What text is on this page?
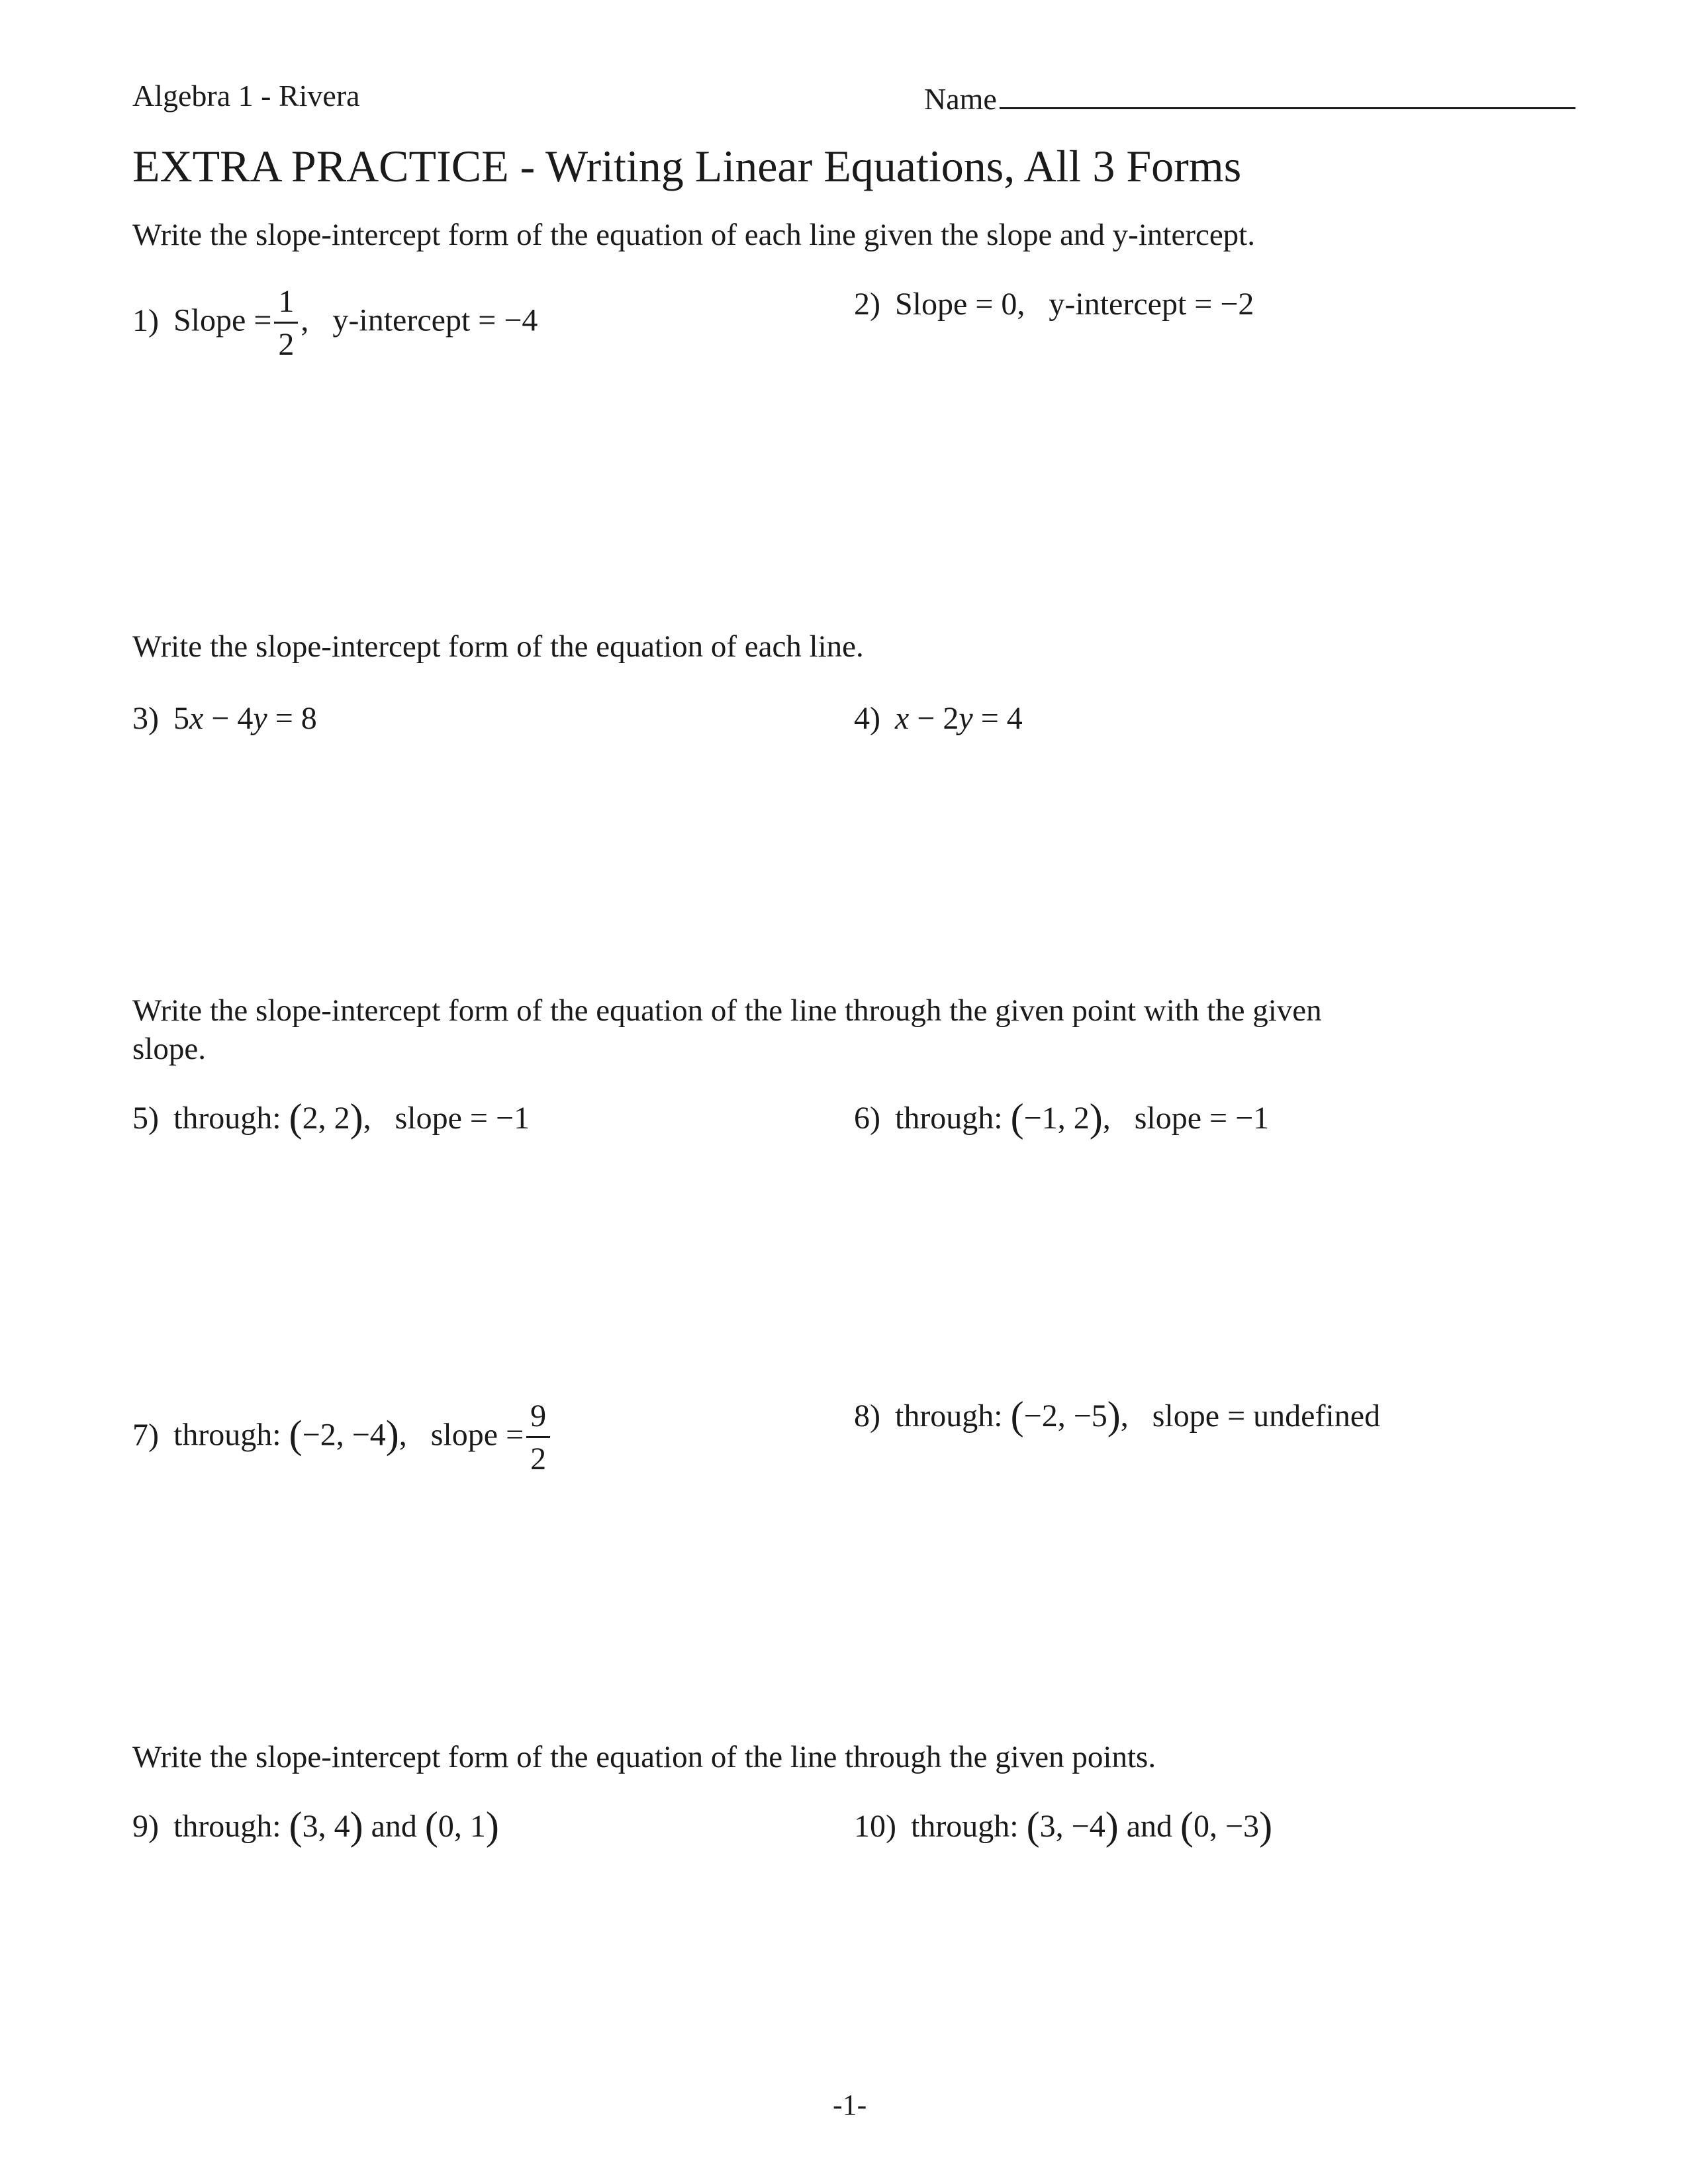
Algebra 1 - Rivera	Name
EXTRA PRACTICE - Writing Linear Equations, All 3 Forms
Write the slope-intercept form of the equation of each line given the slope and y-intercept.
1) Slope = $\frac{1}{2}$ , y-intercept = −4	2) Slope = 0, y-intercept = −2
Write the slope-intercept form of the equation of each line.
3) 5x − 4y = 8	4) x − 2y = 4
Write the slope-intercept form of the equation of the line through the given point with the given
slope.
5) through: (2, 2), slope = −1	6) through: (−1, 2), slope = −1
7) through: (−2, −4), slope = $\frac{9}{2}$	8) through: (−2, −5), slope = undefined
Write the slope-intercept form of the equation of the line through the given points.
9) through: (3, 4) and (0, 1)	10) through: (3, −4) and (0, −3)
-1-
